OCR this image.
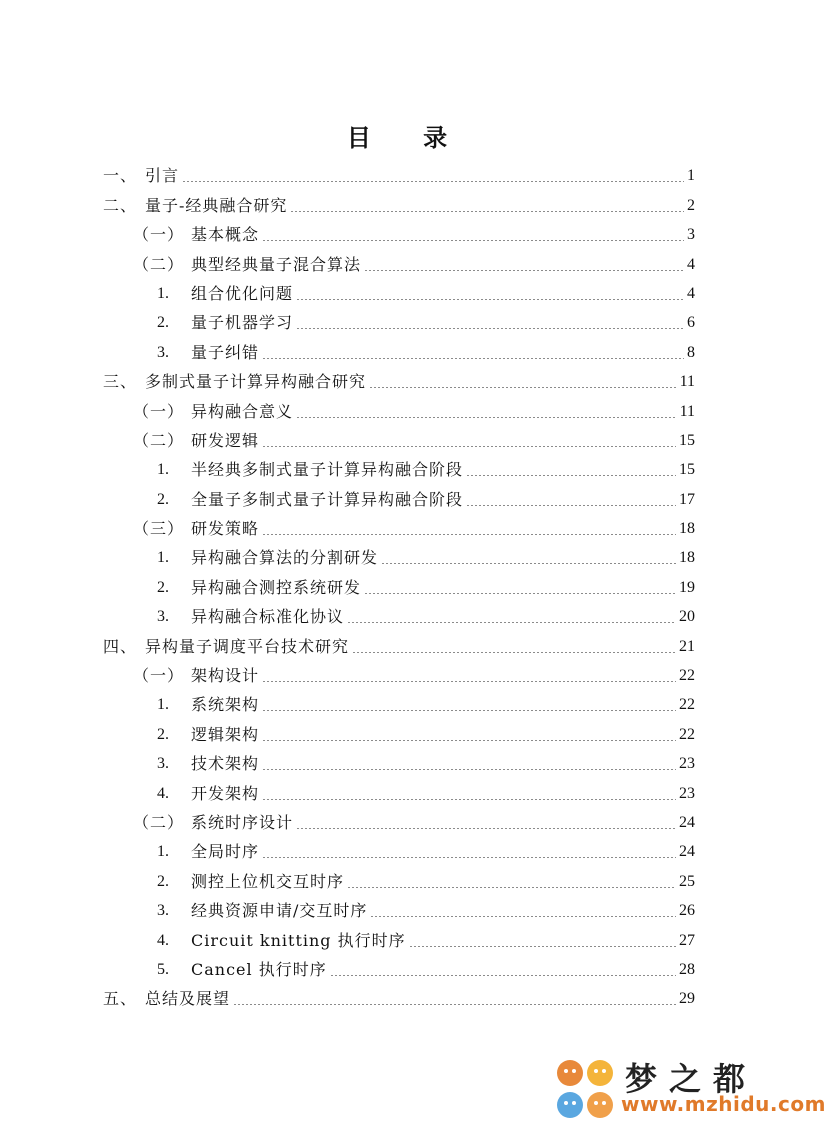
目 录
一、 引言	1
二、 量子-经典融合研究	2
（一） 基本概念	3
（二） 典型经典量子混合算法	4
1.	组合优化问题	4
2.	量子机器学习	6
3.	量子纠错	8
三、 多制式量子计算异构融合研究	11
（一） 异构融合意义	11
（二） 研发逻辑	15
1.	半经典多制式量子计算异构融合阶段	15
2.	全量子多制式量子计算异构融合阶段	17
（三） 研发策略	18
1.	异构融合算法的分割研发	18
2.	异构融合测控系统研发	19
3.	异构融合标准化协议	20
四、 异构量子调度平台技术研究	21
（一） 架构设计	22
1.	系统架构	22
2.	逻辑架构	22
3.	技术架构	23
4.	开发架构	23
（二） 系统时序设计	24
1.	全局时序	24
2.	测控上位机交互时序	25
3.	经典资源申请/交互时序	26
4.	Circuit knitting 执行时序	27
5.	Cancel 执行时序	28
五、 总结及展望	29
梦之都
www.mzhidu.com
